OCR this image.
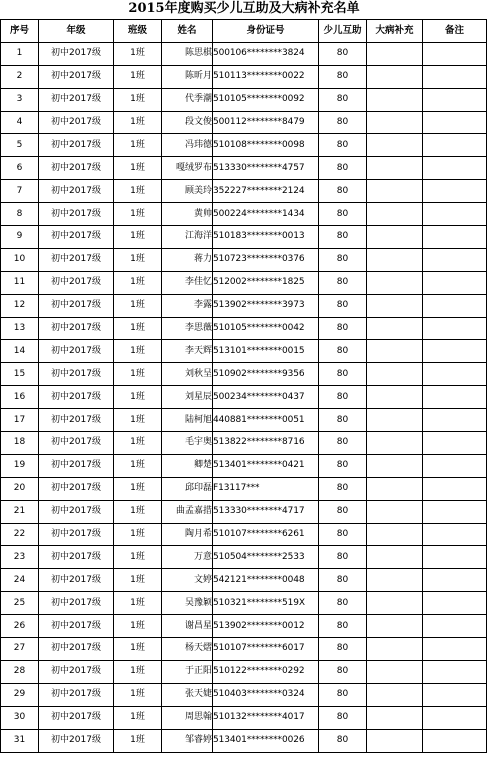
2015年度购买少儿互助及大病补充名单
序号	年级	班级	姓名	身份证号	少儿互助	大病补充	备注
1	初中2017级	1班	陈思棋	500106********3824	80		
2	初中2017级	1班	陈昕月	510113********0022	80		
3	初中2017级	1班	代季潮	510105********0092	80		
4	初中2017级	1班	段文俊	500112********8479	80		
5	初中2017级	1班	冯玮德	510108********0098	80		
6	初中2017级	1班	嘎绒罗布	513330********4757	80		
7	初中2017级	1班	顾美玲	352227********2124	80		
8	初中2017级	1班	黄帅	500224********1434	80		
9	初中2017级	1班	江海洋	510183********0013	80		
10	初中2017级	1班	蒋力	510723********0376	80		
11	初中2017级	1班	李佳忆	512002********1825	80		
12	初中2017级	1班	李露	513902********3973	80		
13	初中2017级	1班	李思薇	510105********0042	80		
14	初中2017级	1班	李天辉	513101********0015	80		
15	初中2017级	1班	刘秋呈	510902********9356	80		
16	初中2017级	1班	刘星辰	500234********0437	80		
17	初中2017级	1班	陆柯旭	440881********0051	80		
18	初中2017级	1班	毛宇奥	513822********8716	80		
19	初中2017级	1班	卿楚	513401********0421	80		
20	初中2017级	1班	邱印磊	F13117***	80		
21	初中2017级	1班	曲孟嘉措	513330********4717	80		
22	初中2017级	1班	陶月希	510107********6261	80		
23	初中2017级	1班	万意	510504********2533	80		
24	初中2017级	1班	文婷	542121********0048	80		
25	初中2017级	1班	吴豫颖	510321********519X	80		
26	初中2017级	1班	谢昌星	513902********0012	80		
27	初中2017级	1班	杨天熠	510107********6017	80		
28	初中2017级	1班	于正阳	510122********0292	80		
29	初中2017级	1班	张天婕	510403********0324	80		
30	初中2017级	1班	周思翰	510132********4017	80		
31	初中2017级	1班	邹睿婷	513401********0026	80		
